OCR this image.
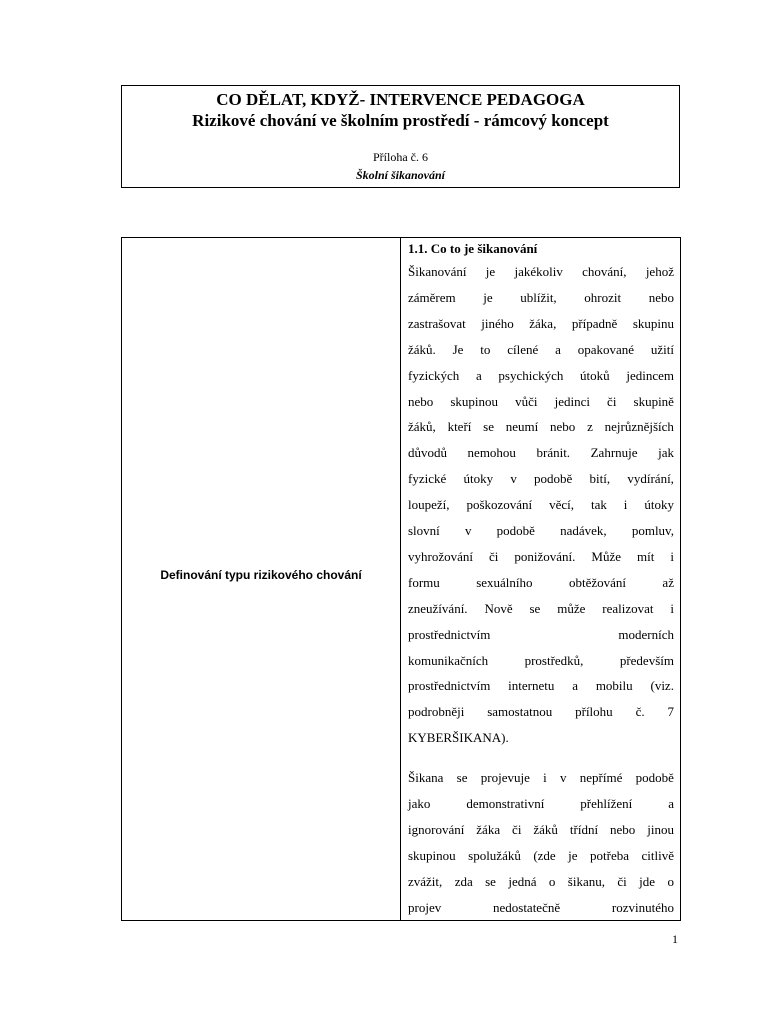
CO DĚLAT, KDYŽ- INTERVENCE PEDAGOGA
Rizikové chování ve školním prostředí - rámcový koncept
Příloha č. 6
Školní šikanování
Definování typu rizikového chování
1.1. Co to je šikanování
Šikanování je jakékoliv chování, jehož
záměrem je ublížit, ohrozit nebo
zastrašovat jiného žáka, případně skupinu
žáků. Je to cílené a opakované užití
fyzických a psychických útoků jedincem
nebo skupinou vůči jedinci či skupině
žáků, kteří se neumí nebo z nejrůznějších
důvodů nemohou bránit. Zahrnuje jak
fyzické útoky v podobě bití, vydírání,
loupeží, poškozování věcí, tak i útoky
slovní v podobě nadávek, pomluv,
vyhrožování či ponižování. Může mít i
formu	sexuálního	obtěžování	až
zneužívání. Nově se může realizovat i
prostřednictvím	moderních
komunikačních	prostředků,	především
prostřednictvím internetu a mobilu (viz.
podrobněji samostatnou přílohu č. 7
KYBERŠIKANA).
Šikana se projevuje i v nepřímé podobě
jako	demonstrativní	přehlížení	a
ignorování žáka či žáků třídní nebo jinou
skupinou spolužáků (zde je potřeba citlivě
zvážit, zda se jedná o šikanu, či jde o
projev	nedostatečně	rozvinutého
1
